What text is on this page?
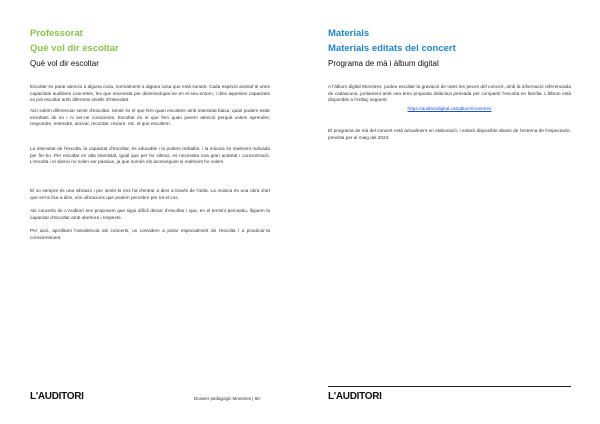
Professorat
Què vol dir escoltar
Què vol dir escoltar
Escoltar és parar atenció a alguna cosa, normalment a alguna cosa que està sonant. Cada espècie animal té unes capacitats auditives concretes, les que necessita per desenvolupar-se en el seu entorn, i dins aquestes capacitats es pot escoltar amb diferents nivells d'intensitat.
Així solem diferenciar sentir d'escoltar. Sentir és el que fem quan escoltem amb intensitat baixa, quan podem estar envoltats de so i ni ser-ne conscients. Escoltar és el que fem quan parem atenció perquè volem aprendre, respondre, entendre, arxivar, recordar, reviure, etc. el que escoltem.
La intensitat de l'escolta, la capacitat d'escoltar, és educable i la podem treballar, i la música és realment indicada per fer-ho. Per escoltar en alta intensitat, igual que per fer silenci, es necessita una gran activitat i concentració. L'escolta i el silenci no solen ser passius, ja que només els aconseguim si realment ho volem.
El so sempre és una vibració i per sentir-lo ens ha d'entrar a dins a través de l'oïda. La música és una obra d'art que se'ns fica a dins, són vibracions que podem percebre per tot el cos.
Als concerts de L'Auditori ens proposem que sigui difícil deixar d'escoltar i que, en el termini perceptiu, lliguem la capacitat d'escoltar amb obertura i respecte.
Per això, aprofitant l'assistència als concerts, us convidem a parar especialment de l'escolta i a practicar-la conscientment.
L'AUDITORI	Dossier pedagògic Monstres | 60
Materials
Materials editats del concert
Programa de mà i àlbum digital
A l'àlbum digital Monstres, podeu escoltar la gravació de totes les peces del concert, amb la informació referenciada de cadascuna, juntament amb una breu proposta didàctica pensada per compartir l'escolta en família. L'àlbum està disponible a l'enllaç següent:
https://auditoridigital.cat/album/monstres
El programa de mà del concert està actualment en elaboració, i estarà disponible abans de l'estrena de l'espectacle, prevista per al maig del 2023.
L'AUDITORI
